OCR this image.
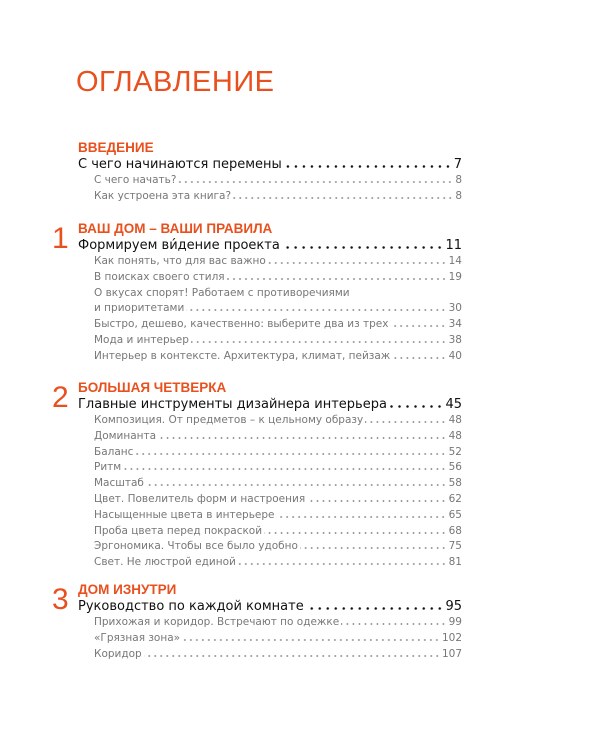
ОГЛАВЛЕНИЕ
ВВЕДЕНИЕ
С чего начинаются перемены	7
С чего начать?	8
Как устроена эта книга?	8
1 ВАШ ДОМ – ВАШИ ПРАВИЛА
Формируем ви́дение проекта	11
Как понять, что для вас важно	14
В поисках своего стиля	19
О вкусах спорят! Работаем с противоречиями
и приоритетами	30
Быстро, дешево, качественно: выберите два из трех	34
Мода и интерьер	38
Интерьер в контексте. Архитектура, климат, пейзаж	40
2 БОЛЬШАЯ ЧЕТВЕРКА
Главные инструменты дизайнера интерьера	45
Композиция. От предметов – к цельному образу	48
Доминанта	48
Баланс	52
Ритм	56
Масштаб	58
Цвет. Повелитель форм и настроения	62
Насыщенные цвета в интерьере	65
Проба цвета перед покраской	68
Эргономика. Чтобы все было удобно	75
Свет. Не люстрой единой	81
3 ДОМ ИЗНУТРИ
Руководство по каждой комнате	95
Прихожая и коридор. Встречают по одежке	99
«Грязная зона»	102
Коридор	107
